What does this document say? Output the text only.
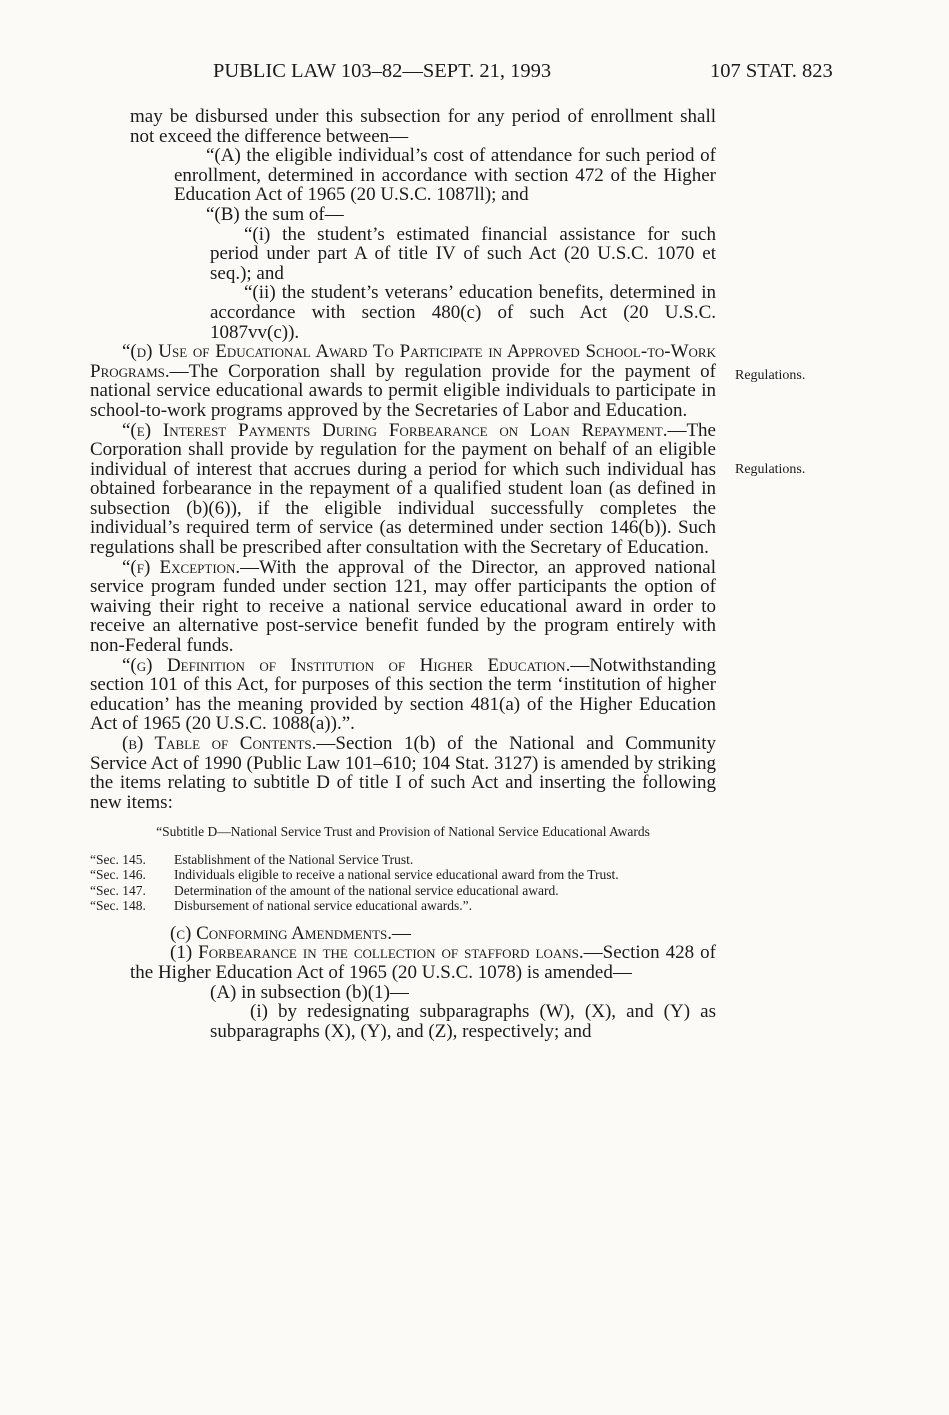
PUBLIC LAW 103–82—SEPT. 21, 1993	107 STAT. 823
Regulations.
Regulations.

may be disbursed under this subsection for any period of enrollment shall not exceed the difference between—

“(A) the eligible individual’s cost of attendance for such period of enrollment, determined in accordance with section 472 of the Higher Education Act of 1965 (20 U.S.C. 1087ll); and

“(B) the sum of—

“(i) the student’s estimated financial assistance for such period under part A of title IV of such Act (20 U.S.C. 1070 et seq.); and

“(ii) the student’s veterans’ education benefits, determined in accordance with section 480(c) of such Act (20 U.S.C. 1087vv(c)).

“(d) Use of Educational Award To Participate in Approved School-to-Work Programs.—The Corporation shall by regulation provide for the payment of national service educational awards to permit eligible individuals to participate in school-to-work programs approved by the Secretaries of Labor and Education.

“(e) Interest Payments During Forbearance on Loan Repayment.—The Corporation shall provide by regulation for the payment on behalf of an eligible individual of interest that accrues during a period for which such individual has obtained forbearance in the repayment of a qualified student loan (as defined in subsection (b)(6)), if the eligible individual successfully completes the individual’s required term of service (as determined under section 146(b)). Such regulations shall be prescribed after consultation with the Secretary of Education.

“(f) Exception.—With the approval of the Director, an approved national service program funded under section 121, may offer participants the option of waiving their right to receive a national service educational award in order to receive an alternative post-service benefit funded by the program entirely with non-Federal funds.

“(g) Definition of Institution of Higher Education.—Notwithstanding section 101 of this Act, for purposes of this section the term ‘institution of higher education’ has the meaning provided by section 481(a) of the Higher Education Act of 1965 (20 U.S.C. 1088(a)).”.

(b) Table of Contents.—Section 1(b) of the National and Community Service Act of 1990 (Public Law 101–610; 104 Stat. 3127) is amended by striking the items relating to subtitle D of title I of such Act and inserting the following new items:

“Subtitle D—National Service Trust and Provision of National Service Educational Awards
“Sec. 145.	Establishment of the National Service Trust.
“Sec. 146.	Individuals eligible to receive a national service educational award from the Trust.
“Sec. 147.	Determination of the amount of the national service educational award.
“Sec. 148.	Disbursement of national service educational awards.”.

(c) Conforming Amendments.—

(1) Forbearance in the collection of stafford loans.—Section 428 of the Higher Education Act of 1965 (20 U.S.C. 1078) is amended—

(A) in subsection (b)(1)—

(i) by redesignating subparagraphs (W), (X), and (Y) as subparagraphs (X), (Y), and (Z), respectively; and
